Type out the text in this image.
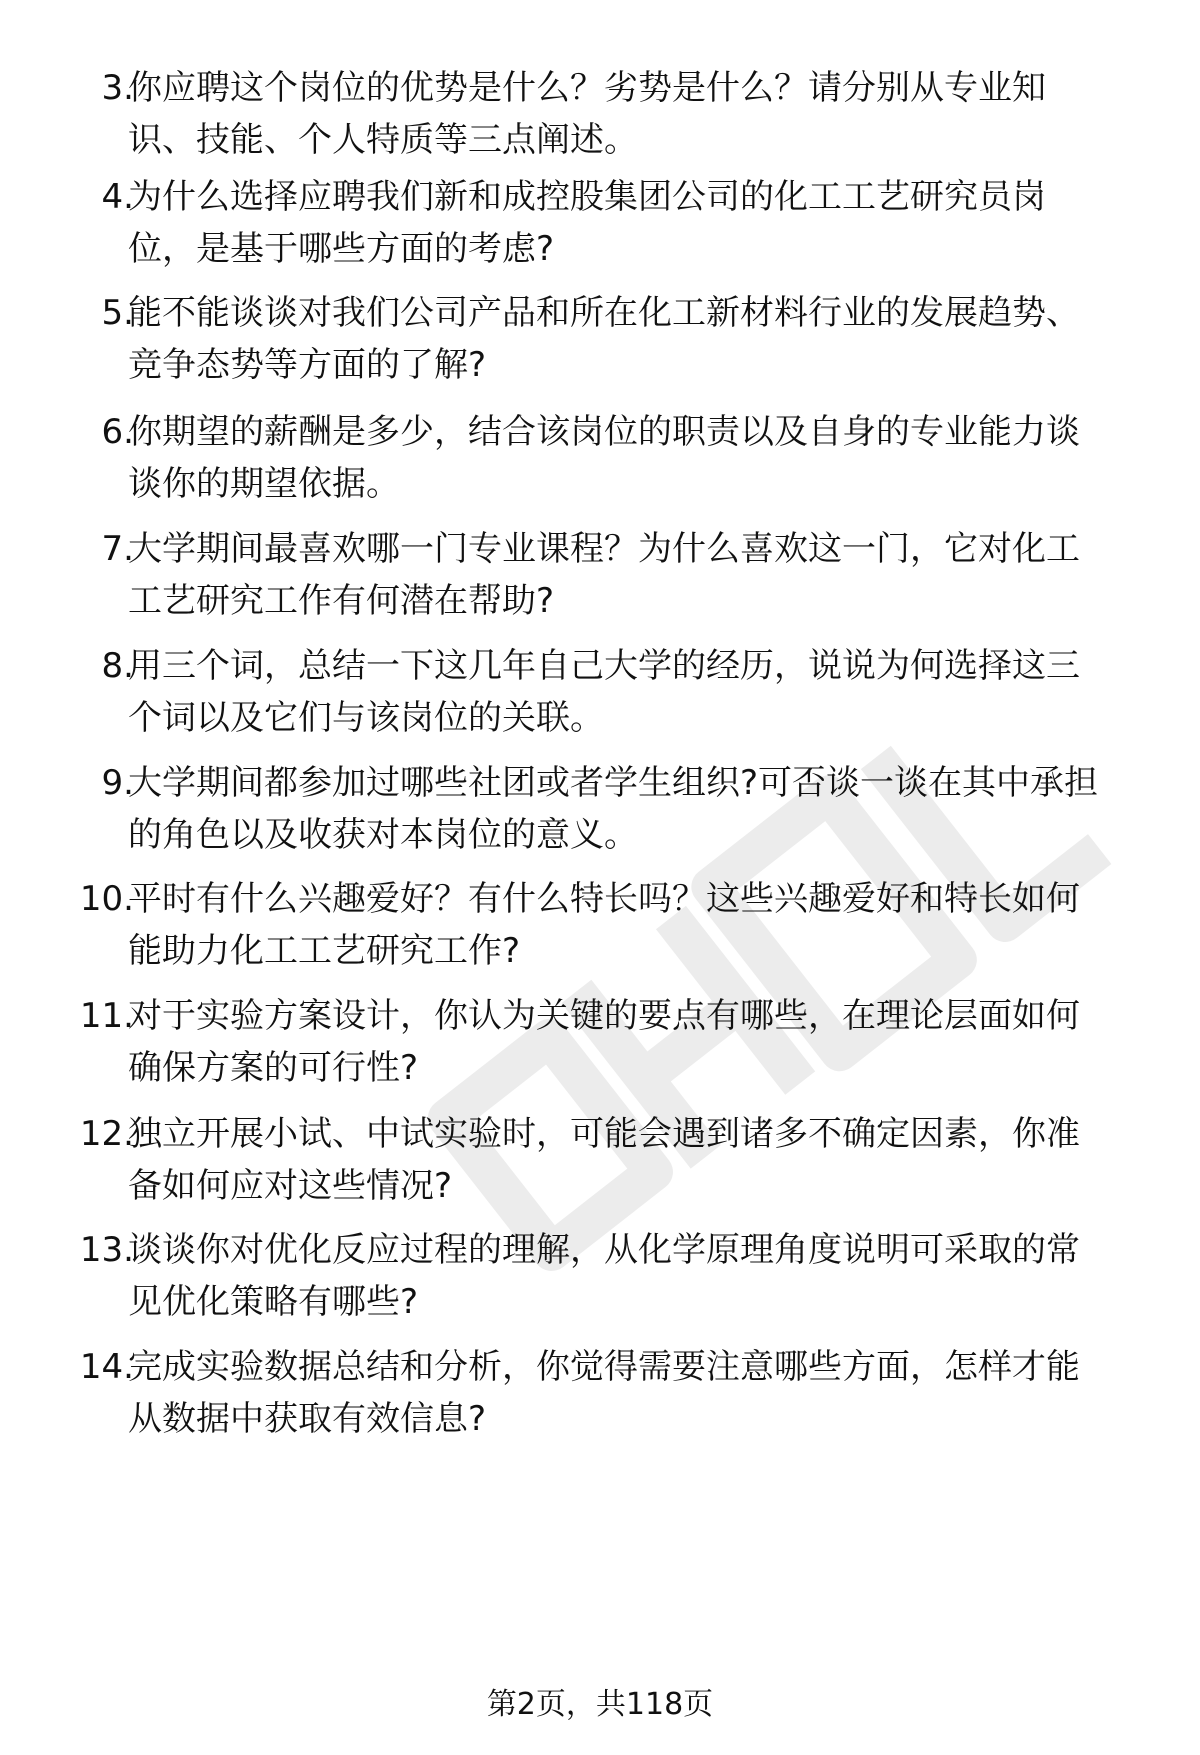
3.
你应聘这个岗位的优势是什么？劣势是什么？请分别从专业知
识、技能、个人特质等三点阐述。
4.
为什么选择应聘我们新和成控股集团公司的化工工艺研究员岗
位，是基于哪些方面的考虑?
5.
能不能谈谈对我们公司产品和所在化工新材料行业的发展趋势、
竞争态势等方面的了解?
6.
你期望的薪酬是多少，结合该岗位的职责以及自身的专业能力谈
谈你的期望依据。
7.
大学期间最喜欢哪一门专业课程？为什么喜欢这一门，它对化工
工艺研究工作有何潜在帮助?
8.
用三个词，总结一下这几年自己大学的经历，说说为何选择这三
个词以及它们与该岗位的关联。
9.
大学期间都参加过哪些社团或者学生组织?可否谈一谈在其中承担
的角色以及收获对本岗位的意义。
10.
平时有什么兴趣爱好？有什么特长吗？这些兴趣爱好和特长如何
能助力化工工艺研究工作?
11.
对于实验方案设计，你认为关键的要点有哪些，在理论层面如何
确保方案的可行性?
12.
独立开展小试、中试实验时，可能会遇到诸多不确定因素，你准
备如何应对这些情况?
13.
谈谈你对优化反应过程的理解，从化学原理角度说明可采取的常
见优化策略有哪些?
14.
完成实验数据总结和分析，你觉得需要注意哪些方面，怎样才能
从数据中获取有效信息?
第2页，共118页
